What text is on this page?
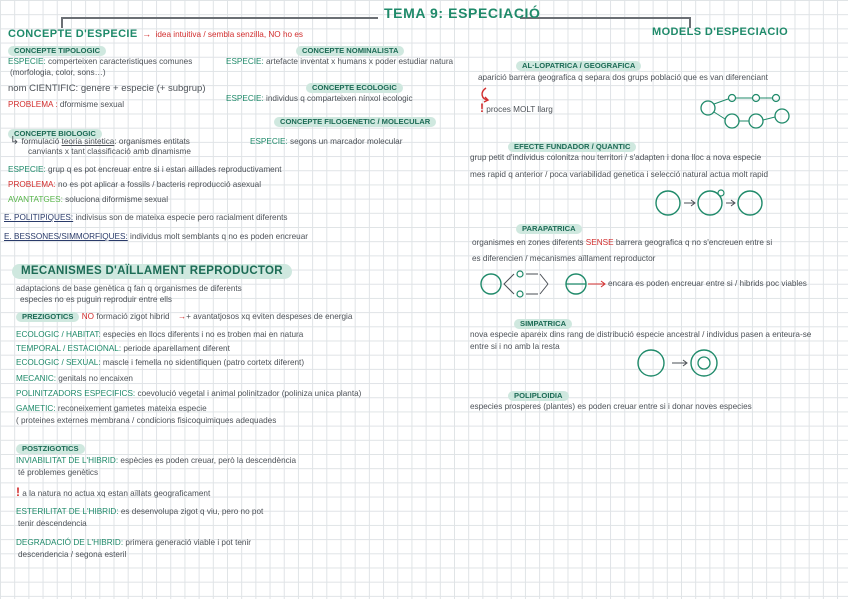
TEMA 9: ESPECIACIÓ
CONCEPTE D'ESPECIE → idea intuitiva / sembla senzilla, NO ho es
CONCEPTE TIPOLOGIC
ESPECIE: comperteixen caracteristiques comunes
(morfologia, color, sons…)
nom CIENTIFIC: genere + especie (+ subgrup)
PROBLEMA : dformisme sexual
CONCEPTE BIOLOGIC
↳ formulació teoria sintetica: organismes entitats
canviants x tant classificació amb dinamisme
ESPECIE: grup q es pot encreuar entre si i estan aillades reproductivament
PROBLEMA: no es pot aplicar a fossils / bacteris reproducció asexual
AVANTATGES: soluciona diformisme sexual
E. POLITIPIQUES: indivisus son de mateixa especie pero racialment diferents
E. BESSONES/SIMMORFIQUES: individus molt semblants q no es poden encreuar
CONCEPTE NOMINALISTA
ESPECIE: artefacte inventat x humans x poder estudiar natura
CONCEPTE ECOLOGIC
ESPECIE: individus q comparteixen nínxol ecologic
CONCEPTE FILOGENETIC / MOLECULAR
ESPECIE: segons un marcador molecular
MECANISMES D'AÏLLAMENT REPRODUCTOR
adaptacions de base genètica q fan q organismes de diferents
especies no es puguin reproduir entre ells
PREZIGOTICS NO formació zigot hibrid →+ avantatjosos xq eviten despeses de energia
ECOLOGIC / HABITAT: especies en llocs diferents i no es troben mai en natura
TEMPORAL / ESTACIONAL: periode aparellament diferent
ECOLOGIC / SEXUAL: mascle i femella no sidentifiquen (patro cortetx diferent)
MECANIC: genitals no encaixen
POLINITZADORS ESPECIFICS: coevolució vegetal i animal polinitzador (poliniza unica planta)
GAMETIC: reconeixement gametes mateixa especie
( proteines externes membrana / condicions fisicoquimiques adequades
POSTZIGOTICS
INVIABILITAT DE L'HIBRID: espècies es poden creuar, però la descendència
té problemes genètics
! a la natura no actua xq estan aïllats geograficament
ESTERILITAT DE L'HIBRID: es desenvolupa zigot q viu, pero no pot
tenir descendencia
DEGRADACIÓ DE L'HIBRID: primera generació viable i pot tenir
descendencia / segona esteril
MODELS D'ESPECIACIO
AL·LOPATRICA / GEOGRAFICA
aparició barrera geografica q separa dos grups població que es van diferenciant
! proces MOLT llarg
EFECTE FUNDADOR / QUANTIC
grup petit d'individus colonitza nou territori / s'adapten i dona lloc a nova especie
mes rapid q anterior / poca variabilidad genetica i selecció natural actua molt rapid
PARAPATRICA
organismes en zones diferents SENSE barrera geografica q no s'encreuen entre si
es diferencien / mecanismes aïllament reproductor
encara es poden encreuar entre si / hibrids poc viables
SIMPATRICA
nova especie apareix dins rang de distribució especie ancestral / individus pasen a enteura-se
entre si i no amb la resta
POLIPLOIDIA
especies prosperes (plantes) es poden creuar entre si i donar noves especies
